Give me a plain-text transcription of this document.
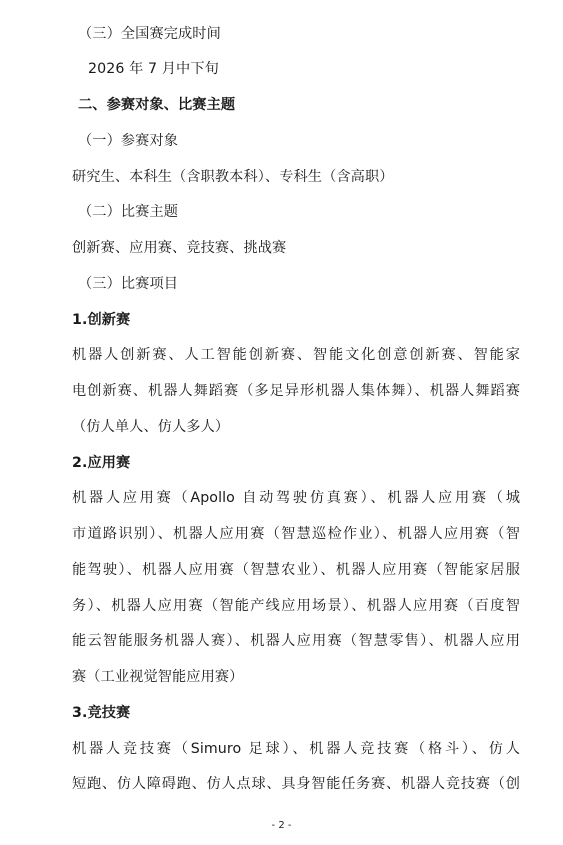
（三）全国赛完成时间
2026 年 7 月中下旬
二、参赛对象、比赛主题
（一）参赛对象
研究生、本科生（含职教本科）、专科生（含高职）
（二）比赛主题
创新赛、应用赛、竞技赛、挑战赛
（三）比赛项目
1.创新赛
机器人创新赛、人工智能创新赛、智能文化创意创新赛、智能家
电创新赛、机器人舞蹈赛（多足异形机器人集体舞）、机器人舞蹈赛
（仿人单人、仿人多人）
2.应用赛
机器人应用赛（Apollo 自动驾驶仿真赛）、机器人应用赛（城
市道路识别）、机器人应用赛（智慧巡检作业）、机器人应用赛（智
能驾驶）、机器人应用赛（智慧农业）、机器人应用赛（智能家居服
务）、机器人应用赛（智能产线应用场景）、机器人应用赛（百度智
能云智能服务机器人赛）、机器人应用赛（智慧零售）、机器人应用
赛（工业视觉智能应用赛）
3.竞技赛
机器人竞技赛（Simuro 足球）、机器人竞技赛（格斗）、仿人
短跑、仿人障碍跑、仿人点球、具身智能任务赛、机器人竞技赛（创
- 2 -
